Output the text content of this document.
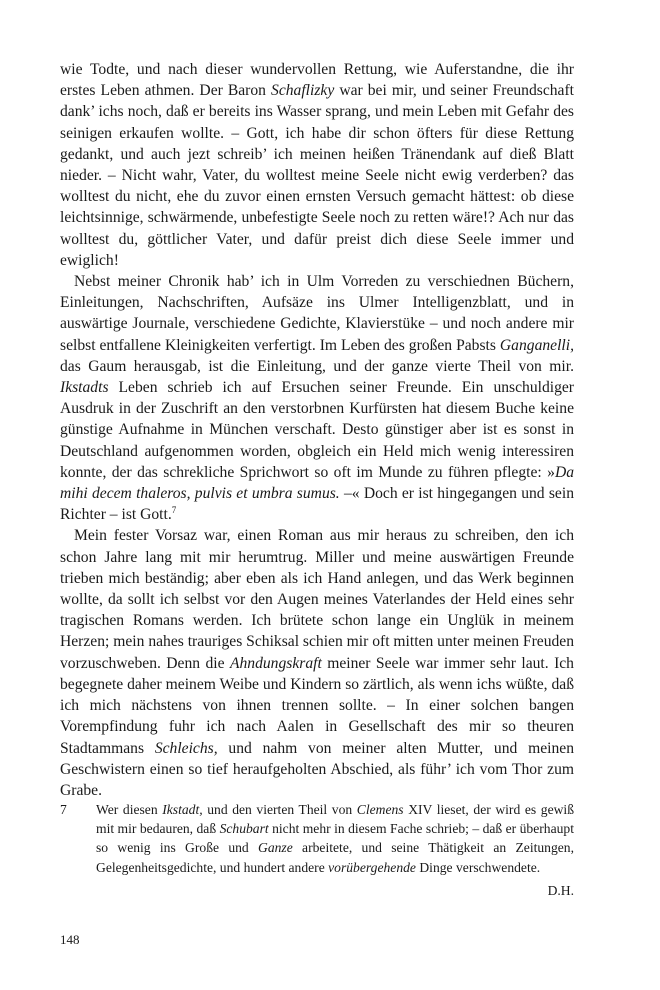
wie Todte, und nach dieser wundervollen Rettung, wie Auferstandne, die ihr erstes Leben athmen. Der Baron Schaflizky war bei mir, und seiner Freundschaft dank’ ichs noch, daß er bereits ins Wasser sprang, und mein Leben mit Gefahr des seinigen erkaufen wollte. – Gott, ich habe dir schon öfters für diese Rettung gedankt, und auch jezt schreib’ ich meinen heißen Tränendank auf dieß Blatt nieder. – Nicht wahr, Vater, du wolltest meine Seele nicht ewig verderben? das wolltest du nicht, ehe du zuvor einen ernsten Versuch gemacht hättest: ob diese leichtsinnige, schwärmende, unbefestigte Seele noch zu retten wäre!? Ach nur das wolltest du, göttlicher Vater, und dafür preist dich diese Seele immer und ewiglich!

Nebst meiner Chronik hab’ ich in Ulm Vorreden zu verschiednen Büchern, Einleitungen, Nachschriften, Aufsäze ins Ulmer Intelligenzblatt, und in auswärtige Journale, verschiedene Gedichte, Klavierstüke – und noch andere mir selbst entfallene Kleinigkeiten verfertigt. Im Leben des großen Pabsts Ganganelli, das Gaum herausgab, ist die Einleitung, und der ganze vierte Theil von mir. Ikstadts Leben schrieb ich auf Ersuchen seiner Freunde. Ein unschuldiger Ausdruk in der Zuschrift an den verstorbnen Kurfürsten hat diesem Buche keine günstige Aufnahme in München verschaft. Desto günstiger aber ist es sonst in Deutschland aufgenommen worden, obgleich ein Held mich wenig interessiren konnte, der das schrekliche Sprichwort so oft im Munde zu führen pflegte: »Da mihi decem thaleros, pulvis et umbra sumus. –« Doch er ist hingegangen und sein Richter – ist Gott.$^7$

Mein fester Vorsaz war, einen Roman aus mir heraus zu schreiben, den ich schon Jahre lang mit mir herumtrug. Miller und meine auswärtigen Freunde trieben mich beständig; aber eben als ich Hand anlegen, und das Werk beginnen wollte, da sollt ich selbst vor den Augen meines Vaterlandes der Held eines sehr tragischen Romans werden. Ich brütete schon lange ein Unglük in meinem Herzen; mein nahes trauriges Schiksal schien mir oft mitten unter meinen Freuden vorzuschweben. Denn die Ahndungskraft meiner Seele war immer sehr laut. Ich begegnete daher meinem Weibe und Kindern so zärtlich, als wenn ichs wüßte, daß ich mich nächstens von ihnen trennen sollte. – In einer solchen bangen Vorempfindung fuhr ich nach Aalen in Gesellschaft des mir so theuren Stadtammans Schleichs, und nahm von meiner alten Mutter, und meinen Geschwistern einen so tief heraufgeholten Abschied, als führ’ ich vom Thor zum Grabe.

7	Wer diesen Ikstadt, und den vierten Theil von Clemens XIV lieset, der wird es gewiß mit mir bedauren, daß Schubart nicht mehr in diesem Fache schrieb; – daß er überhaupt so wenig ins Große und Ganze arbeitete, und seine Thätigkeit an Zeitungen, Gelegenheitsgedichte, und hundert andere vorübergehende Dinge verschwendete.
D.H.
148
